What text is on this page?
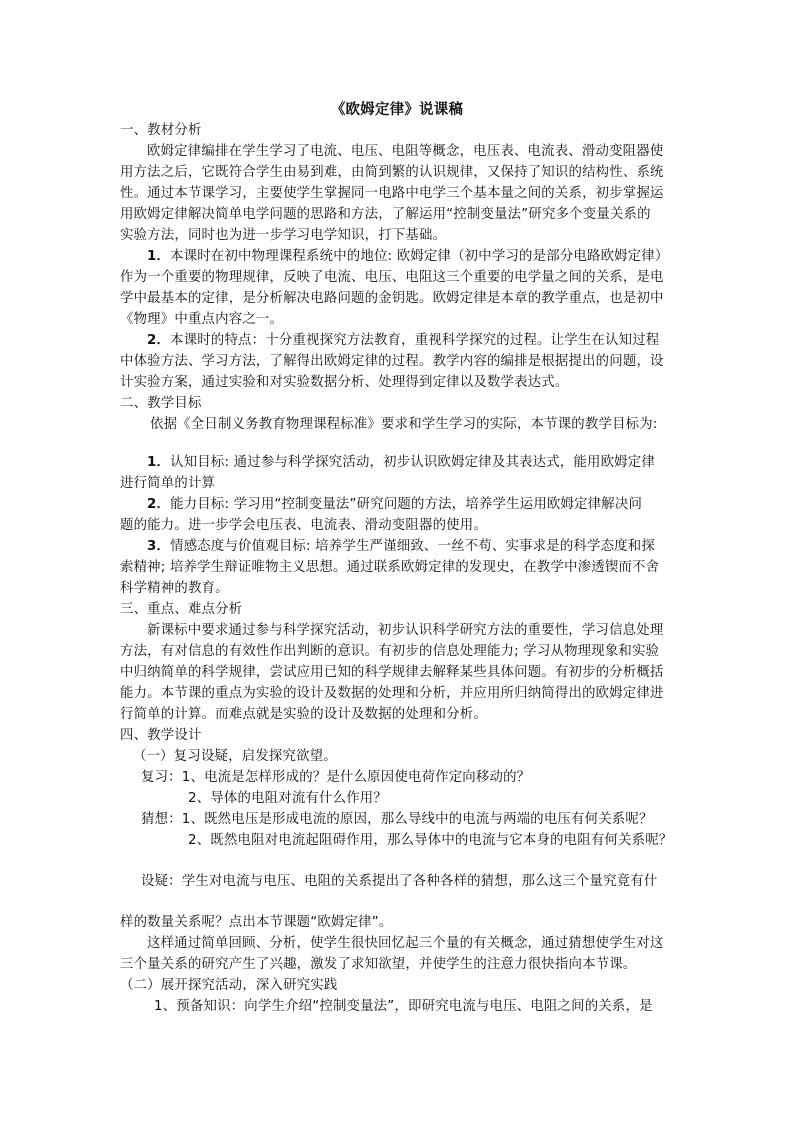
《欧姆定律》说课稿
一、教材分析
欧姆定律编排在学生学习了电流、电压、电阻等概念，电压表、电流表、滑动变阻器使
用方法之后，它既符合学生由易到难，由简到繁的认识规律，又保持了知识的结构性、系统
性。通过本节课学习，主要使学生掌握同一电路中电学三个基本量之间的关系，初步掌握运
用欧姆定律解决简单电学问题的思路和方法，了解运用“控制变量法”研究多个变量关系的
实验方法，同时也为进一步学习电学知识，打下基础。
1．本课时在初中物理课程系统中的地位: 欧姆定律（初中学习的是部分电路欧姆定律）
作为一个重要的物理规律，反映了电流、电压、电阻这三个重要的电学量之间的关系，是电
学中最基本的定律，是分析解决电路问题的金钥匙。欧姆定律是本章的教学重点，也是初中
《物理》中重点内容之一。
2．本课时的特点：十分重视探究方法教育，重视科学探究的过程。让学生在认知过程
中体验方法、学习方法，了解得出欧姆定律的过程。教学内容的编排是根据提出的问题，设
计实验方案，通过实验和对实验数据分析、处理得到定律以及数学表达式。
二、教学目标
依据《全日制义务教育物理课程标准》要求和学生学习的实际，本节课的教学目标为:
1．认知目标: 通过参与科学探究活动，初步认识欧姆定律及其表达式，能用欧姆定律
进行简单的计算
2．能力目标: 学习用“控制变量法”研究问题的方法，培养学生运用欧姆定律解决问
题的能力。进一步学会电压表、电流表、滑动变阻器的使用。
3．情感态度与价值观目标: 培养学生严谨细致、一丝不苟、实事求是的科学态度和探
索精神; 培养学生辩证唯物主义思想。通过联系欧姆定律的发现史，在教学中渗透锲而不舍
科学精神的教育。
三、重点、难点分析
新课标中要求通过参与科学探究活动，初步认识科学研究方法的重要性，学习信息处理
方法，有对信息的有效性作出判断的意识。有初步的信息处理能力; 学习从物理现象和实验
中归纳简单的科学规律，尝试应用已知的科学规律去解释某些具体问题。有初步的分析概括
能力。本节课的重点为实验的设计及数据的处理和分析，并应用所归纳简得出的欧姆定律进
行简单的计算。而难点就是实验的设计及数据的处理和分析。
四、教学设计
（一）复习设疑，启发探究欲望。
复习：1、电流是怎样形成的？是什么原因使电荷作定向移动的？
2、导体的电阻对流有什么作用？
猜想：1、既然电压是形成电流的原因，那么导线中的电流与两端的电压有何关系呢？
2、既然电阻对电流起阻碍作用，那么导体中的电流与它本身的电阻有何关系呢？
设疑：学生对电流与电压、电阻的关系提出了各种各样的猜想，那么这三个量究竟有什
样的数量关系呢？点出本节课题“欧姆定律”。
这样通过简单回顾、分析，使学生很快回忆起三个量的有关概念，通过猜想使学生对这
三个量关系的研究产生了兴趣，激发了求知欲望，并使学生的注意力很快指向本节课。
（二）展开探究活动，深入研究实践
1、预备知识：向学生介绍“控制变量法”，即研究电流与电压、电阻之间的关系，是
